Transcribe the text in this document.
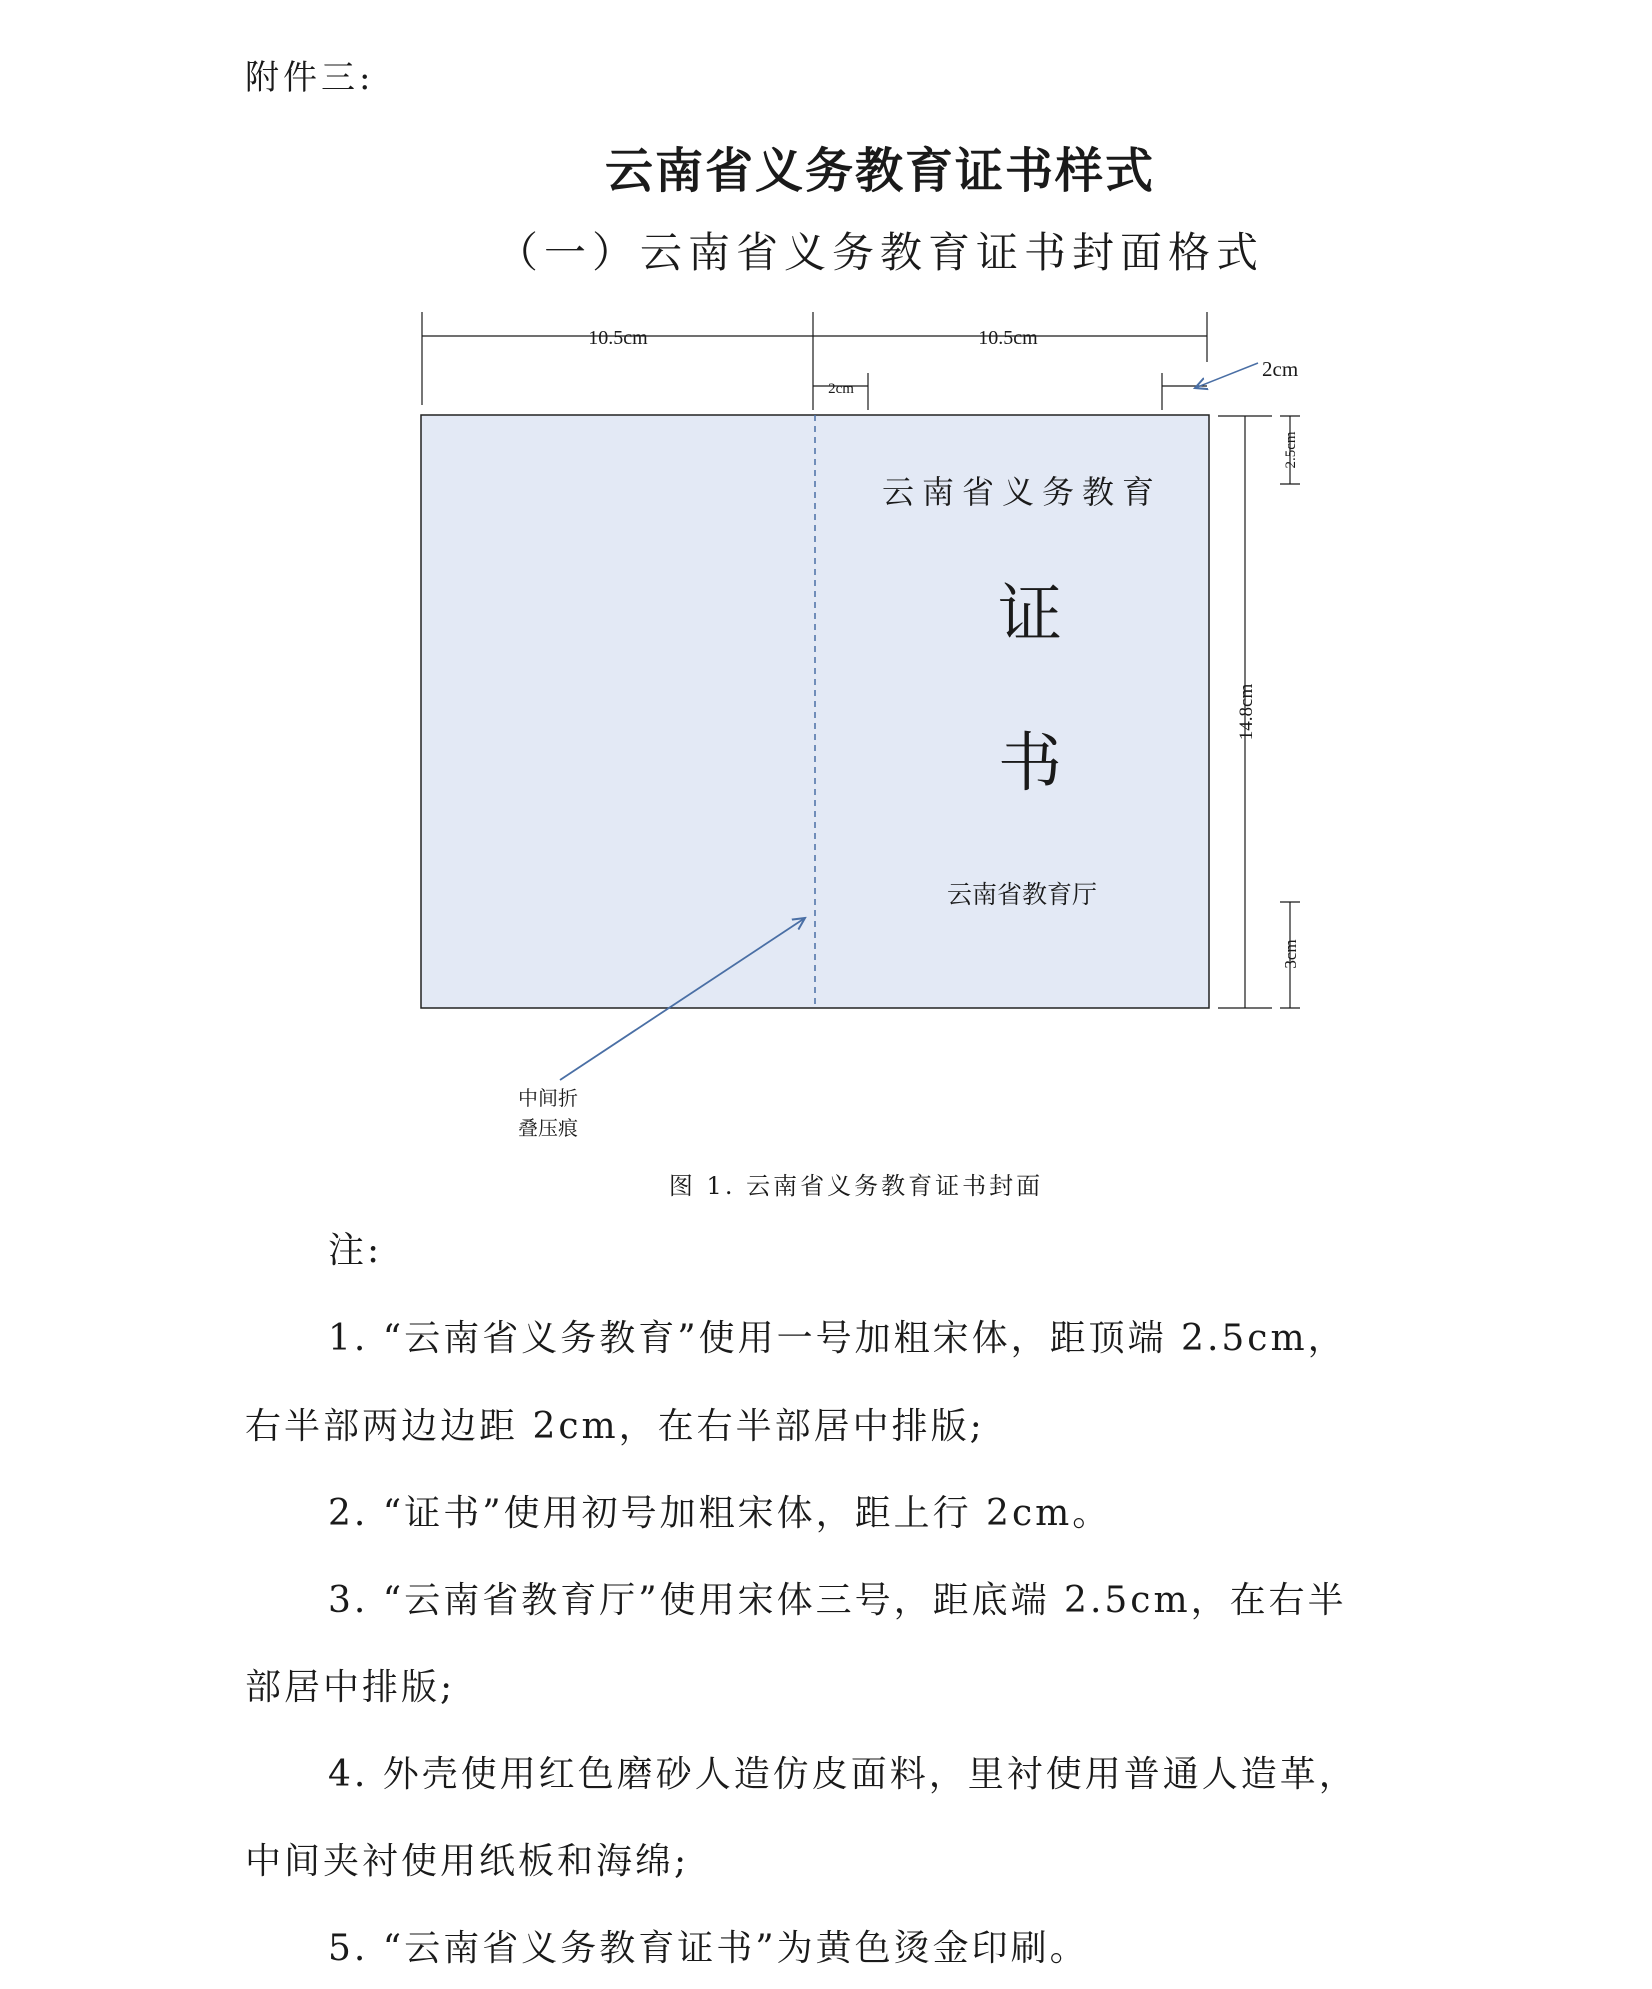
附件三:
云南省义务教育证书样式
（一）云南省义务教育证书封面格式
10.5cm	10.5cm
2cm
2cm
2.5cm
14.8cm
3cm
云南省义务教育
证
书
云南省教育厅
中间折
叠压痕
图 1. 云南省义务教育证书封面
注:
1. “云南省义务教育”使用一号加粗宋体，距顶端 2.5cm，
右半部两边边距 2cm，在右半部居中排版;
2. “证书”使用初号加粗宋体，距上行 2cm。
3. “云南省教育厅”使用宋体三号，距底端 2.5cm，在右半
部居中排版;
4. 外壳使用红色磨砂人造仿皮面料，里衬使用普通人造革，
中间夹衬使用纸板和海绵;
5. “云南省义务教育证书”为黄色烫金印刷。
